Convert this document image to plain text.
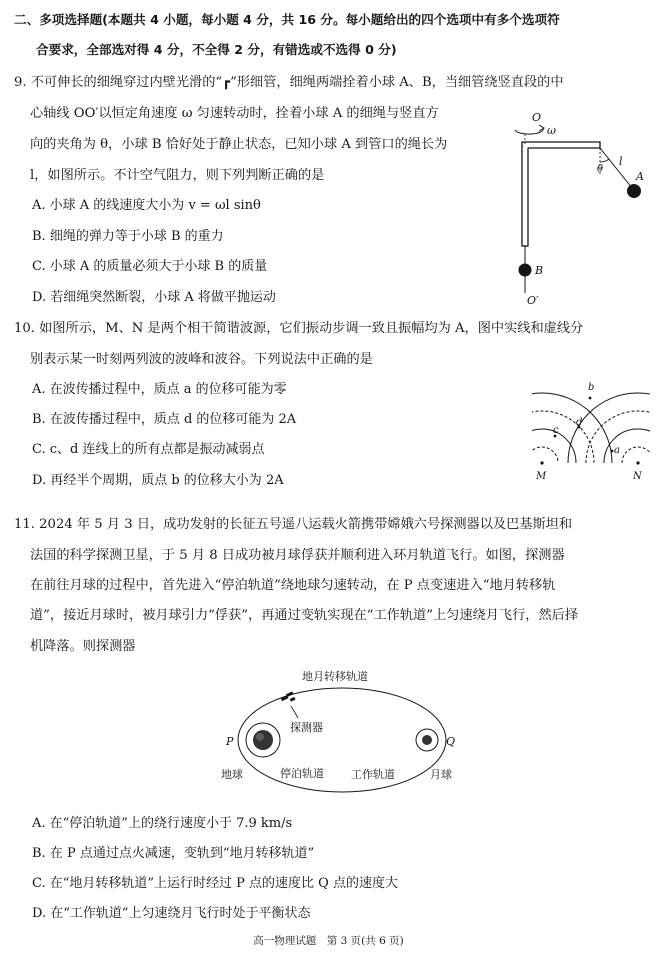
二、多项选择题(本题共 4 小题，每小题 4 分，共 16 分。每小题给出的四个选项中有多个选项符
合要求，全部选对得 4 分，不全得 2 分，有错选或不选得 0 分)
9. 不可伸长的细绳穿过内壁光滑的“┏”形细管，细绳两端拴着小球 A、B，当细管绕竖直段的中
心轴线 OO′以恒定角速度 ω 匀速转动时，拴着小球 A 的细绳与竖直方
向的夹角为 θ，小球 B 恰好处于静止状态，已知小球 A 到管口的绳长为
l，如图所示。不计空气阻力，则下列判断正确的是
A. 小球 A 的线速度大小为 v = ωl sinθ
B. 细绳的弹力等于小球 B 的重力
C. 小球 A 的质量必须大于小球 B 的质量
D. 若细绳突然断裂，小球 A 将做平抛运动
O
ω
θ
l
A
B
O′
10. 如图所示，M、N 是两个相干简谐波源，它们振动步调一致且振幅均为 A，图中实线和虚线分
别表示某一时刻两列波的波峰和波谷。下列说法中正确的是
A. 在波传播过程中，质点 a 的位移可能为零
B. 在波传播过程中，质点 d 的位移可能为 2A
C. c、d 连线上的所有点都是振动减弱点
D. 再经半个周期，质点 b 的位移大小为 2A	M	N
b
c
d
a
11. 2024 年 5 月 3 日，成功发射的长征五号遥八运载火箭携带嫦娥六号探测器以及巴基斯坦和
法国的科学探测卫星，于 5 月 8 日成功被月球俘获并顺利进入环月轨道飞行。如图，探测器
在前往月球的过程中，首先进入“停泊轨道”绕地球匀速转动，在 P 点变速进入“地月转移轨
道”，接近月球时，被月球引力“俘获”，再通过变轨实现在“工作轨道”上匀速绕月飞行，然后择
机降落。则探测器
地月转移轨道
P
地球
探测器
停泊轨道
Q
工作轨道	月球
A. 在“停泊轨道”上的绕行速度小于 7.9 km/s
B. 在 P 点通过点火减速，变轨到“地月转移轨道”
C. 在“地月转移轨道”上运行时经过 P 点的速度比 Q 点的速度大
D. 在“工作轨道”上匀速绕月飞行时处于平衡状态
高一物理试题　第 3 页(共 6 页)
